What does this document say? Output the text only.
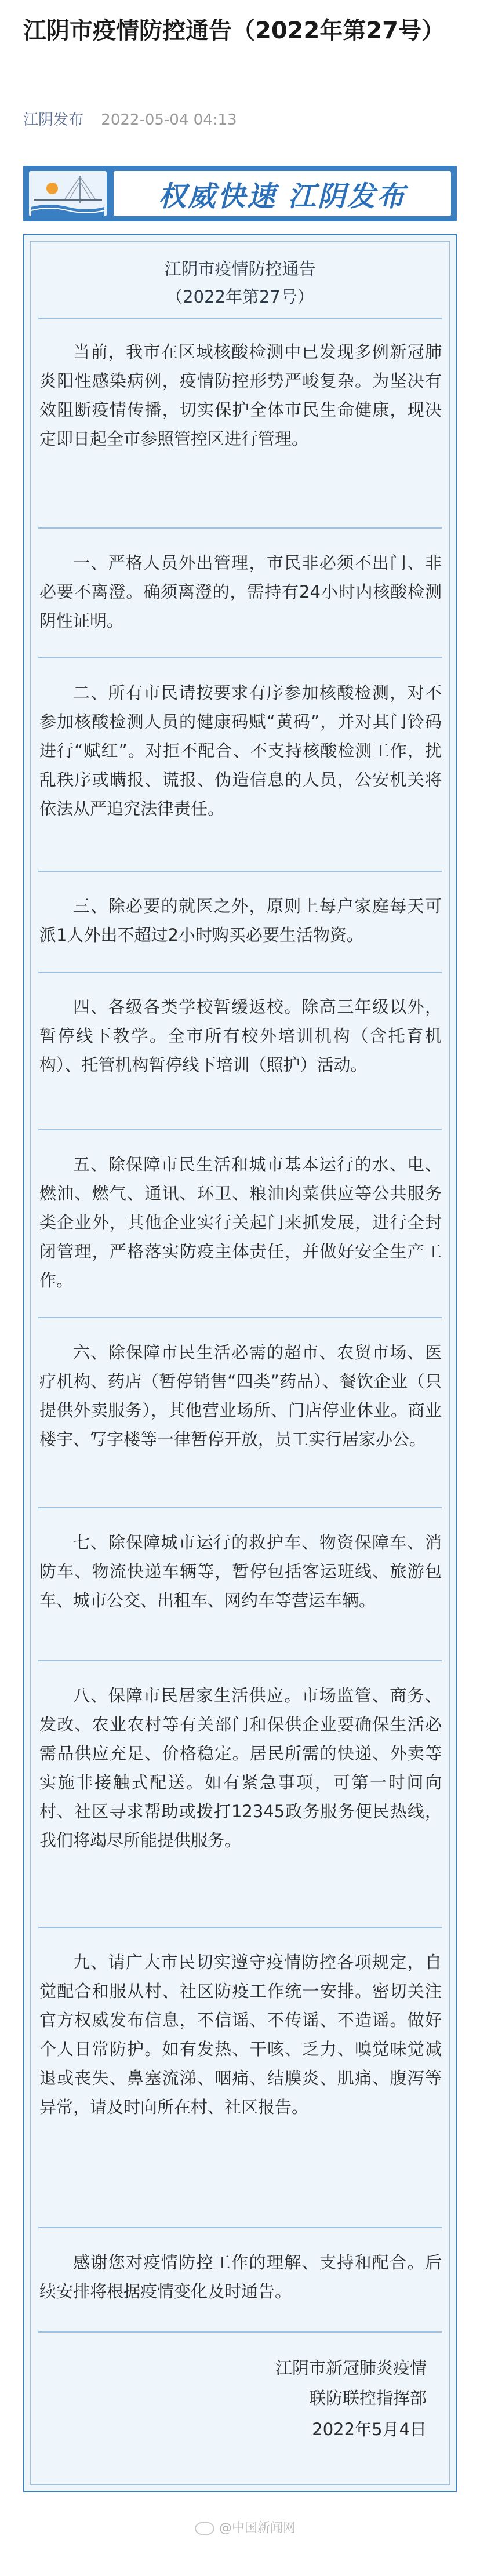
江阴市疫情防控通告（2022年第27号）
江阴发布 2022-05-04 04:13
权威快速 江阴发布
江阴市疫情防控通告
（2022年第27号）

当前，我市在区域核酸检测中已发现多例新冠肺炎阳性感染病例，疫情防控形势严峻复杂。为坚决有效阻断疫情传播，切实保护全体市民生命健康，现决定即日起全市参照管控区进行管理。

一、严格人员外出管理，市民非必须不出门、非必要不离澄。确须离澄的，需持有24小时内核酸检测阴性证明。

二、所有市民请按要求有序参加核酸检测，对不参加核酸检测人员的健康码赋“黄码”，并对其门铃码进行“赋红”。对拒不配合、不支持核酸检测工作，扰乱秩序或瞒报、谎报、伪造信息的人员，公安机关将依法从严追究法律责任。

三、除必要的就医之外，原则上每户家庭每天可派1人外出不超过2小时购买必要生活物资。

四、各级各类学校暂缓返校。除高三年级以外，暂停线下教学。全市所有校外培训机构（含托育机构）、托管机构暂停线下培训（照护）活动。

五、除保障市民生活和城市基本运行的水、电、燃油、燃气、通讯、环卫、粮油肉菜供应等公共服务类企业外，其他企业实行关起门来抓发展，进行全封闭管理，严格落实防疫主体责任，并做好安全生产工作。

六、除保障市民生活必需的超市、农贸市场、医疗机构、药店（暂停销售“四类”药品）、餐饮企业（只提供外卖服务），其他营业场所、门店停业休业。商业楼宇、写字楼等一律暂停开放，员工实行居家办公。

七、除保障城市运行的救护车、物资保障车、消防车、物流快递车辆等，暂停包括客运班线、旅游包车、城市公交、出租车、网约车等营运车辆。

八、保障市民居家生活供应。市场监管、商务、发改、农业农村等有关部门和保供企业要确保生活必需品供应充足、价格稳定。居民所需的快递、外卖等实施非接触式配送。如有紧急事项，可第一时间向村、社区寻求帮助或拨打12345政务服务便民热线，我们将竭尽所能提供服务。

九、请广大市民切实遵守疫情防控各项规定，自觉配合和服从村、社区防疫工作统一安排。密切关注官方权威发布信息，不信谣、不传谣、不造谣。做好个人日常防护。如有发热、干咳、乏力、嗅觉味觉减退或丧失、鼻塞流涕、咽痛、结膜炎、肌痛、腹泻等异常，请及时向所在村、社区报告。

感谢您对疫情防控工作的理解、支持和配合。后续安排将根据疫情变化及时通告。

江阴市新冠肺炎疫情
联防联控指挥部
2022年5月4日
@中国新闻网
